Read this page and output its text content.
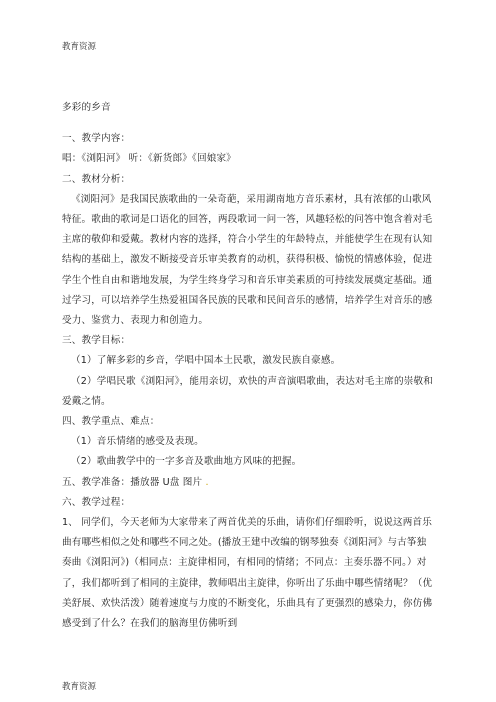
教育资源

多彩的乡音

一、教学内容：

唱：《浏阳河》 听：《新货郎》《回娘家》

二、教材分析：

《浏阳河》是我国民族歌曲的一朵奇葩，采用湖南地方音乐素材，具有浓郁的山歌风特征。歌曲的歌词是口语化的回答，两段歌词一问一答，风趣轻松的问答中饱含着对毛主席的敬仰和爱戴。教材内容的选择，符合小学生的年龄特点，并能使学生在现有认知结构的基础上，激发不断接受音乐审美教育的动机，获得积极、愉悦的情感体验，促进学生个性自由和谐地发展，为学生终身学习和音乐审美素质的可持续发展奠定基础。通过学习，可以培养学生热爱祖国各民族的民歌和民间音乐的感情，培养学生对音乐的感受力、鉴赏力、表现力和创造力。

三、教学目标：

（1）了解多彩的乡音，学唱中国本土民歌，激发民族自豪感。

（2）学唱民歌《浏阳河》，能用亲切，欢快的声音演唱歌曲，表达对毛主席的崇敬和爱戴之情。

四、教学重点、难点：

（1）音乐情绪的感受及表现。

（2）歌曲教学中的一字多音及歌曲地方风味的把握。

五、教学准备：播放器 U盘 图片 .

六、教学过程：

1、 同学们，今天老师为大家带来了两首优美的乐曲，请你们仔细聆听，说说这两首乐曲有哪些相似之处和哪些不同之处。(播放王建中改编的钢琴独奏《浏阳河》与古筝独奏曲《浏阳河》)（相同点：主旋律相同，有相同的情绪；不同点：主奏乐器不同。）对了，我们都听到了相同的主旋律，教师唱出主旋律，你听出了乐曲中哪些情绪呢？（优美舒展、欢快活泼）随着速度与力度的不断变化，乐曲具有了更强烈的感染力，你仿佛感受到了什么？在我们的脑海里仿佛听到

教育资源
